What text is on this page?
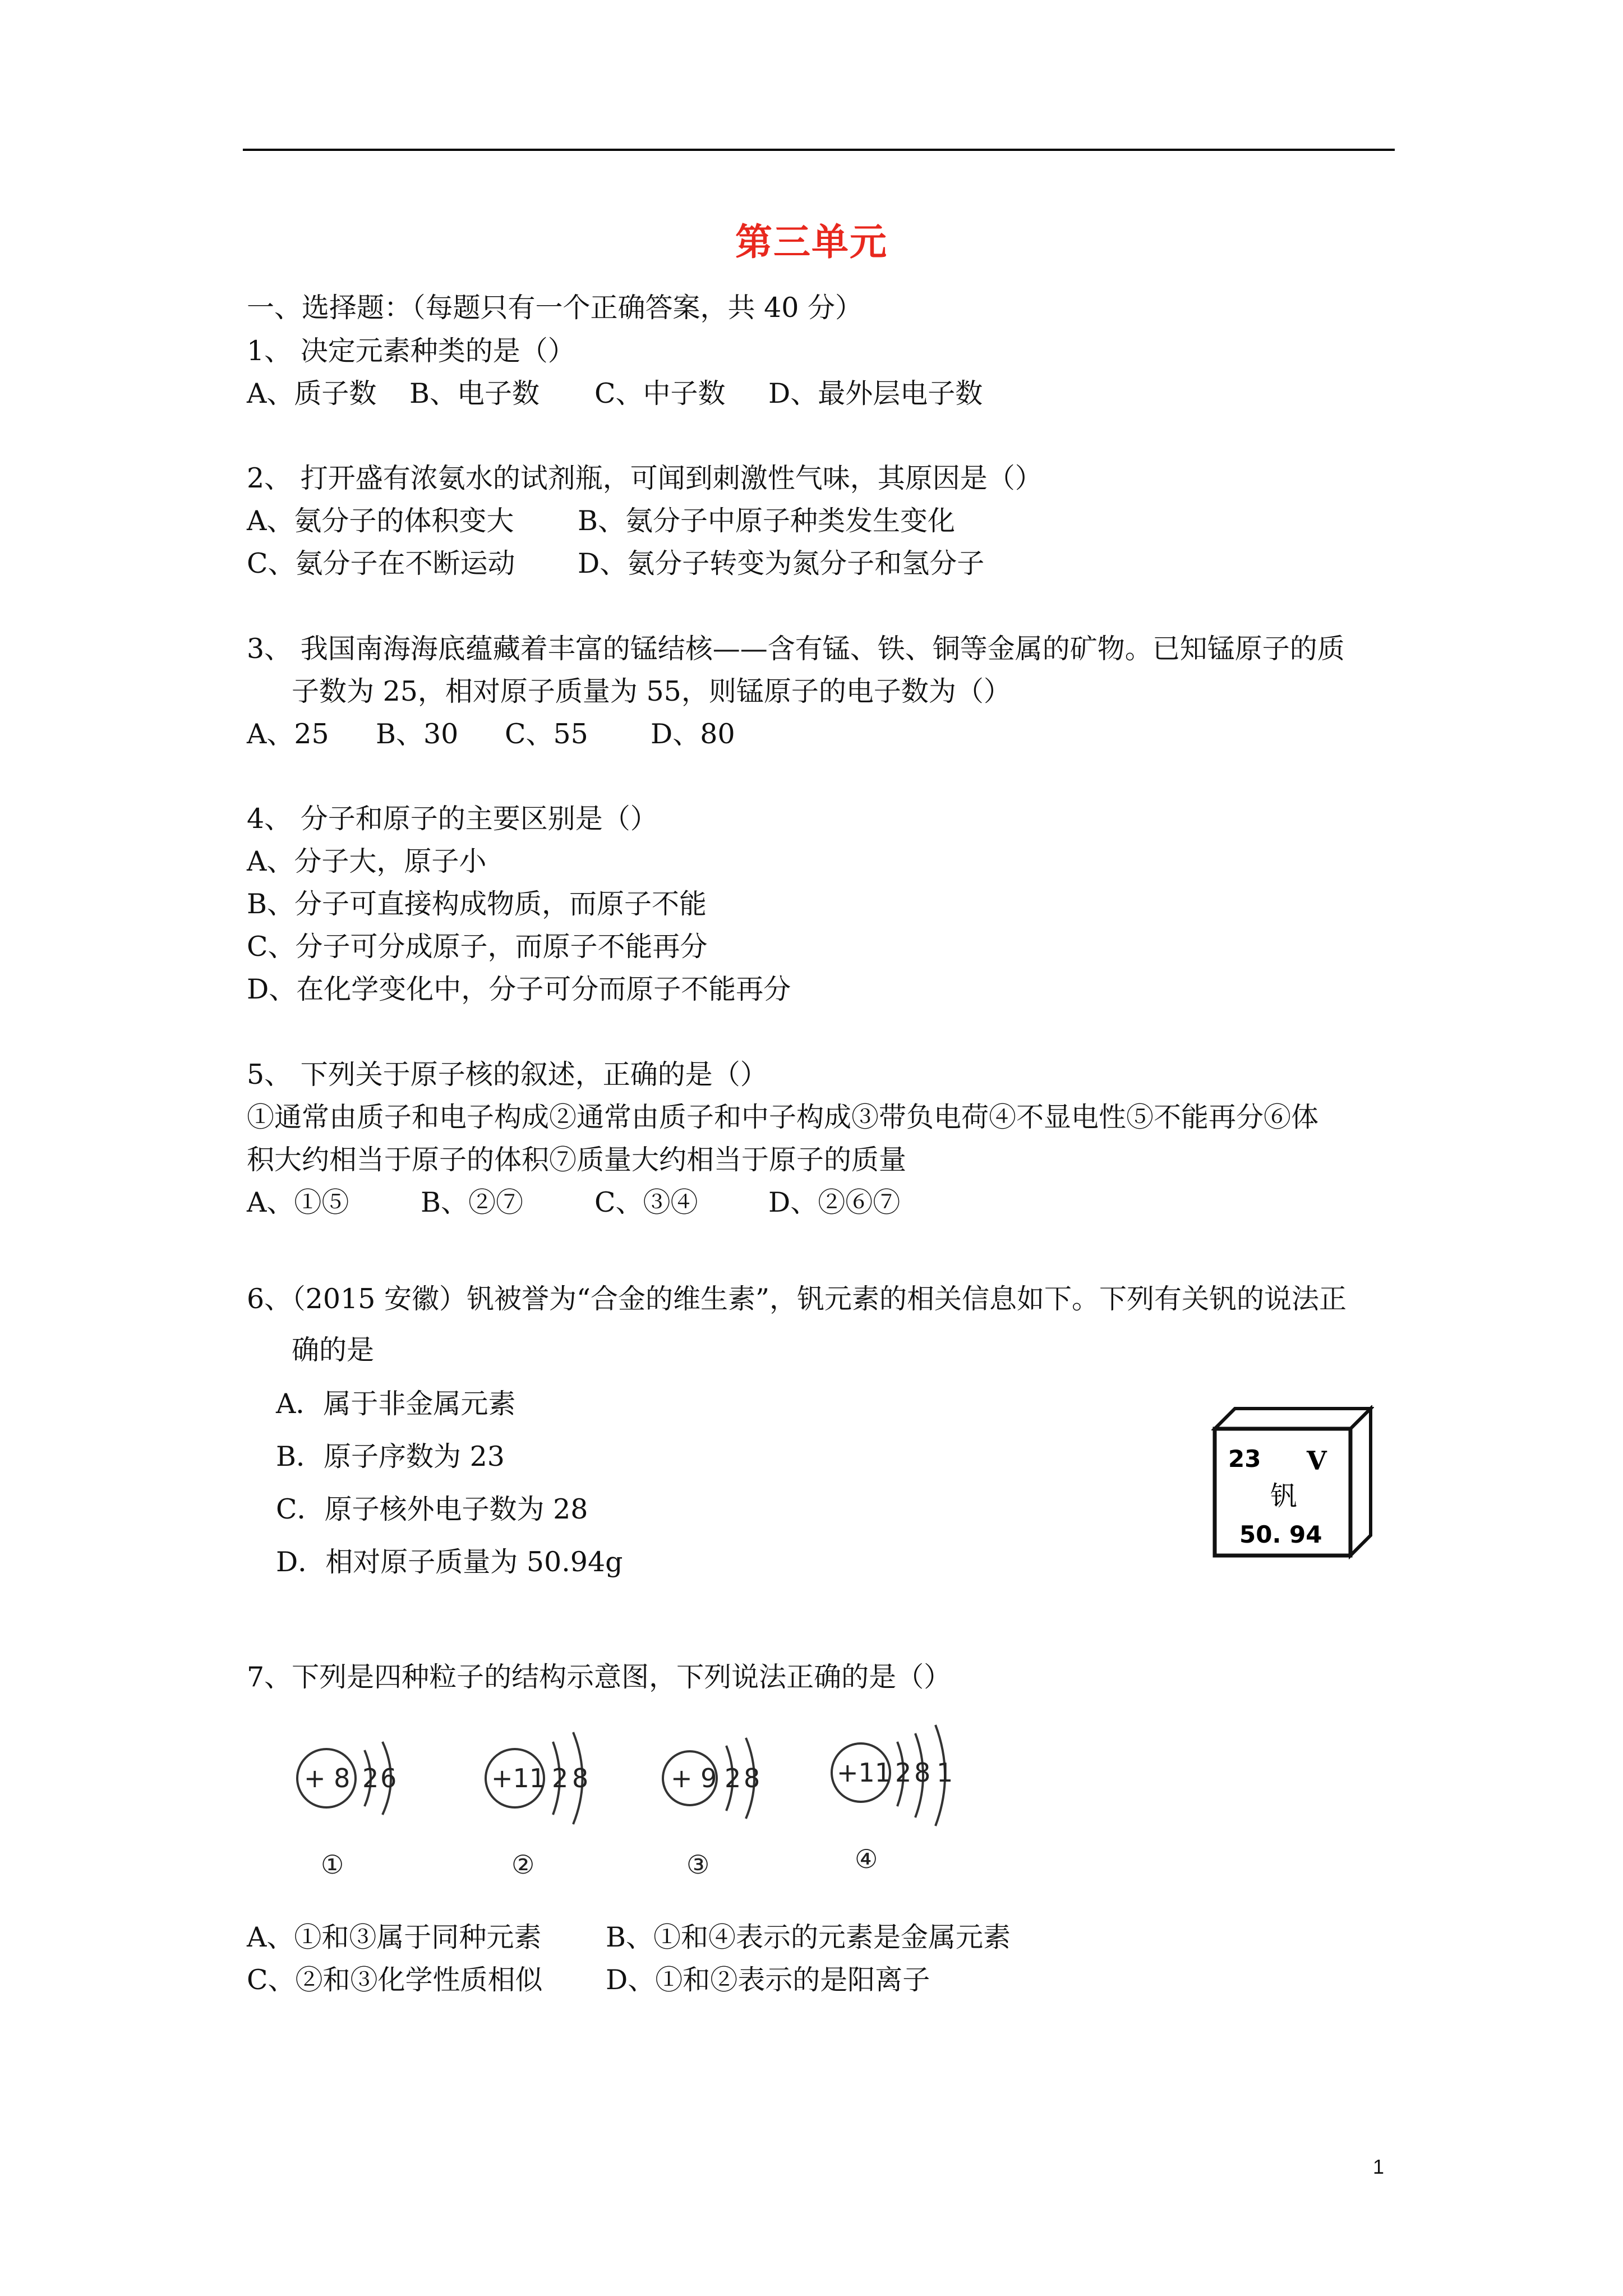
第三单元
一、选择题：（每题只有一个正确答案，共 40 分）
1、 决定元素种类的是（）
A、质子数 B、电子数 C、中子数 D、最外层电子数
2、 打开盛有浓氨水的试剂瓶，可闻到刺激性气味，其原因是（）
A、氨分子的体积变大 B、氨分子中原子种类发生变化
C、氨分子在不断运动 D、氨分子转变为氮分子和氢分子
3、 我国南海海底蕴藏着丰富的锰结核——含有锰、铁、铜等金属的矿物。已知锰原子的质
子数为 25，相对原子质量为 55，则锰原子的电子数为（）
A、25 B、30 C、55 D、80
4、 分子和原子的主要区别是（）
A、分子大，原子小
B、分子可直接构成物质，而原子不能
C、分子可分成原子，而原子不能再分
D、在化学变化中，分子可分而原子不能再分
5、 下列关于原子核的叙述，正确的是（）
①通常由质子和电子构成②通常由质子和中子构成③带负电荷④不显电性⑤不能再分⑥体
积大约相当于原子的体积⑦质量大约相当于原子的质量
A、①⑤	B、②⑦	C、③④	D、②⑥⑦
6、（2015 安徽）钒被誉为“合金的维生素”，钒元素的相关信息如下。下列有关钒的说法正
确的是
A．属于非金属元素
B．原子序数为 23
C．原子核外电子数为 28
D．相对原子质量为 50.94g
23 V
钒
50. 94
7、下列是四种粒子的结构示意图，下列说法正确的是（）
+ 8 2 6
①
+11 2 8
②
+ 9 2 8
③
+11 2 8 1
④
A、①和③属于同种元素 B、①和④表示的元素是金属元素
C、②和③化学性质相似 D、①和②表示的是阳离子
1
